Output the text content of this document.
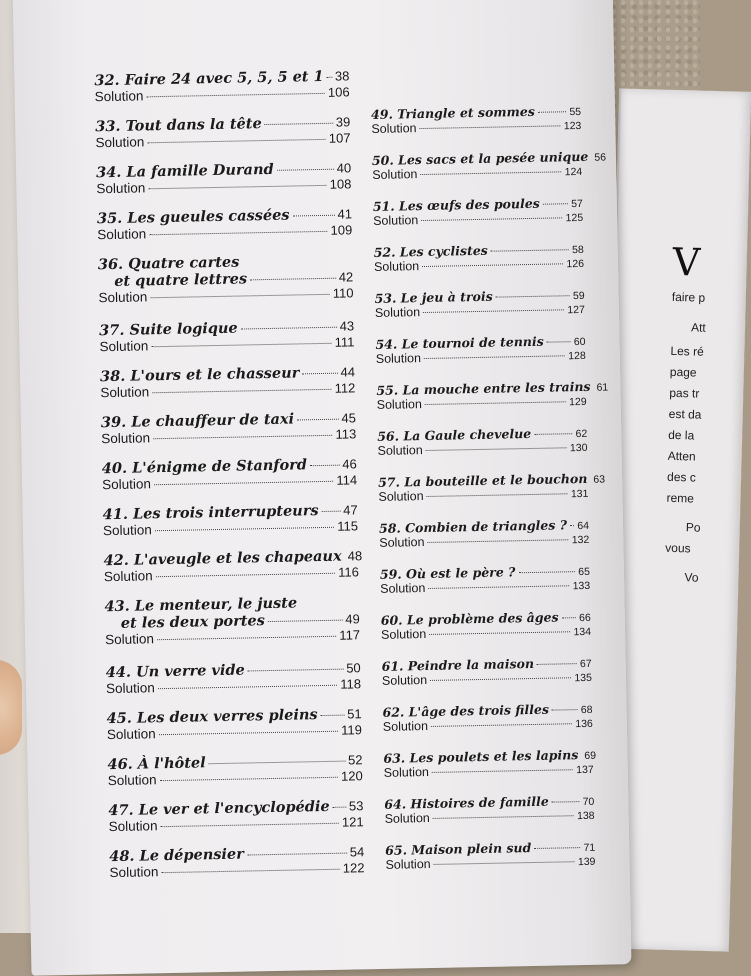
V
faire p
Att
Les ré
page
pas tr
est da
de la
Atten
des c
reme
Po
vous
Vo
32. Faire 24 avec 5, 5, 5 et 1 38
Solution	106
33. Tout dans la tête	39
Solution	107
34. La famille Durand	40
Solution	108
35. Les gueules cassées	41
Solution	109
36. Quatre cartes
et quatre lettres	42
Solution	110
37. Suite logique	43
Solution	111
38. L'ours et le chasseur	44
Solution	112
39. Le chauffeur de taxi	45
Solution	113
40. L'énigme de Stanford	46
Solution	114
41. Les trois interrupteurs 47
Solution	115
42. L'aveugle et les chapeaux 48
Solution	116
43. Le menteur, le juste
et les deux portes	49
Solution	117
44. Un verre vide	50
Solution	118
45. Les deux verres pleins 51
Solution	119
46. À l'hôtel	52
Solution	120
47. Le ver et l'encyclopédie 53
Solution	121
48. Le dépensier	54
Solution	122
49. Triangle et sommes	55
Solution	123
50. Les sacs et la pesée unique 56
Solution	124
51. Les œufs des poules	57
Solution	125
52. Les cyclistes	58
Solution	126
53. Le jeu à trois	59
Solution	127
54. Le tournoi de tennis	60
Solution	128
55. La mouche entre les trains 61
Solution	129
56. La Gaule chevelue	62
Solution	130
57. La bouteille et le bouchon 63
Solution	131
58. Combien de triangles ? 64
Solution	132
59. Où est le père ?	65
Solution	133
60. Le problème des âges 66
Solution	134
61. Peindre la maison	67
Solution	135
62. L'âge des trois filles	68
Solution	136
63. Les poulets et les lapins 69
Solution	137
64. Histoires de famille	70
Solution	138
65. Maison plein sud	71
Solution	139
